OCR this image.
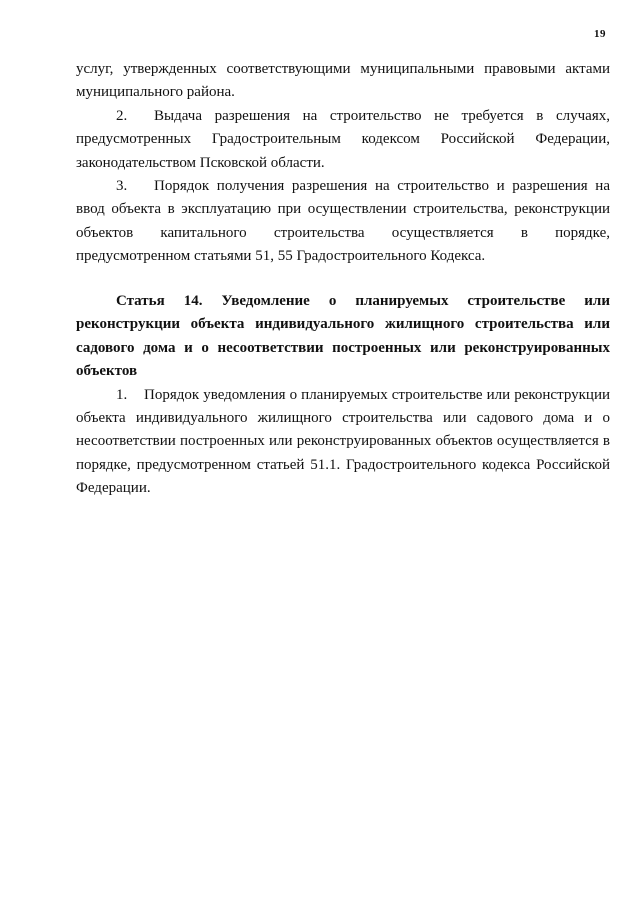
19

услуг, утвержденных соответствующими муниципальными правовыми актами муниципального района.

2. Выдача разрешения на строительство не требуется в случаях, предусмотренных Градостроительным кодексом Российской Федерации, законодательством Псковской области.

3. Порядок получения разрешения на строительство и разрешения на ввод объекта в эксплуатацию при осуществлении строительства, реконструкции объектов капитального строительства осуществляется в порядке, предусмотренном статьями 51, 55 Градостроительного Кодекса.

Статья 14. Уведомление о планируемых строительстве или реконструкции объекта индивидуального жилищного строительства или садового дома и о несоответствии построенных или реконструированных объектов

1. Порядок уведомления о планируемых строительстве или реконструкции объекта индивидуального жилищного строительства или садового дома и о несоответствии построенных или реконструированных объектов осуществляется в порядке, предусмотренном статьей 51.1. Градостроительного кодекса Российской Федерации.
